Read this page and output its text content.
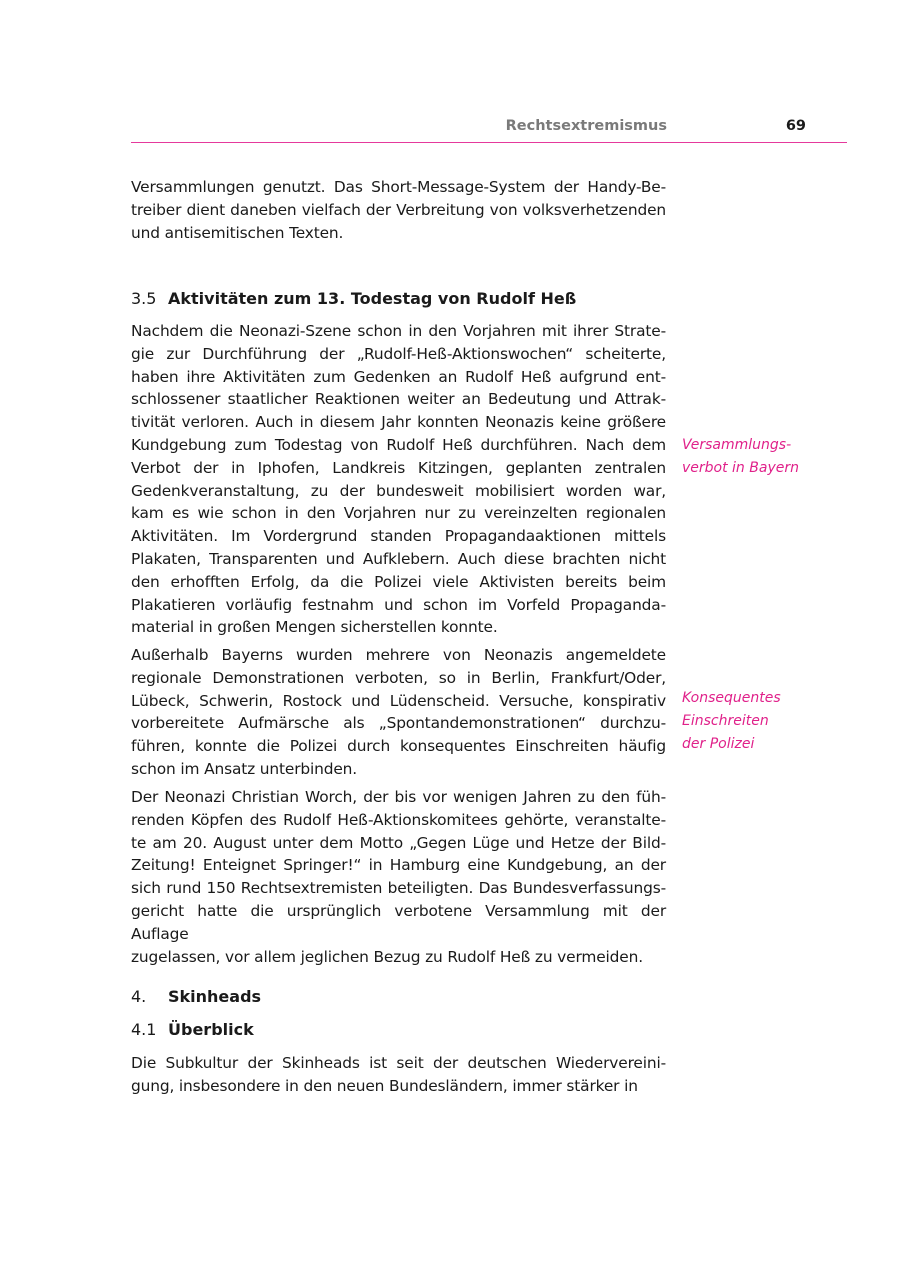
Rechtsextremismus	69

Versammlungen genutzt. Das Short-Message-System der Handy-Be-
treiber dient daneben vielfach der Verbreitung von volksverhetzenden
und antisemitischen Texten.

3.5 Aktivitäten zum 13. Todestag von Rudolf Heß

Nachdem die Neonazi-Szene schon in den Vorjahren mit ihrer Strate-
gie zur Durchführung der „Rudolf-Heß-Aktionswochen“ scheiterte,
haben ihre Aktivitäten zum Gedenken an Rudolf Heß aufgrund ent-
schlossener staatlicher Reaktionen weiter an Bedeutung und Attrak-
tivität verloren. Auch in diesem Jahr konnten Neonazis keine größere
Kundgebung zum Todestag von Rudolf Heß durchführen. Nach dem
Verbot der in Iphofen, Landkreis Kitzingen, geplanten zentralen
Gedenkveranstaltung, zu der bundesweit mobilisiert worden war,
kam es wie schon in den Vorjahren nur zu vereinzelten regionalen
Aktivitäten. Im Vordergrund standen Propagandaaktionen mittels
Plakaten, Transparenten und Aufklebern. Auch diese brachten nicht
den erhofften Erfolg, da die Polizei viele Aktivisten bereits beim
Plakatieren vorläufig festnahm und schon im Vorfeld Propaganda-
material in großen Mengen sicherstellen konnte.

Außerhalb Bayerns wurden mehrere von Neonazis angemeldete
regionale Demonstrationen verboten, so in Berlin, Frankfurt/Oder,
Lübeck, Schwerin, Rostock und Lüdenscheid. Versuche, konspirativ
vorbereitete Aufmärsche als „Spontandemonstrationen“ durchzu-
führen, konnte die Polizei durch konsequentes Einschreiten häufig
schon im Ansatz unterbinden.

Der Neonazi Christian Worch, der bis vor wenigen Jahren zu den füh-
renden Köpfen des Rudolf Heß-Aktionskomitees gehörte, veranstalte-
te am 20. August unter dem Motto „Gegen Lüge und Hetze der Bild-
Zeitung! Enteignet Springer!“ in Hamburg eine Kundgebung, an der
sich rund 150 Rechtsextremisten beteiligten. Das Bundesverfassungs-
gericht hatte die ursprünglich verbotene Versammlung mit der Auflage
zugelassen, vor allem jeglichen Bezug zu Rudolf Heß zu vermeiden.

Versammlungs-
verbot in Bayern

Konsequentes
Einschreiten
der Polizei

4. Skinheads

4.1 Überblick

Die Subkultur der Skinheads ist seit der deutschen Wiedervereini-
gung, insbesondere in den neuen Bundesländern, immer stärker in
